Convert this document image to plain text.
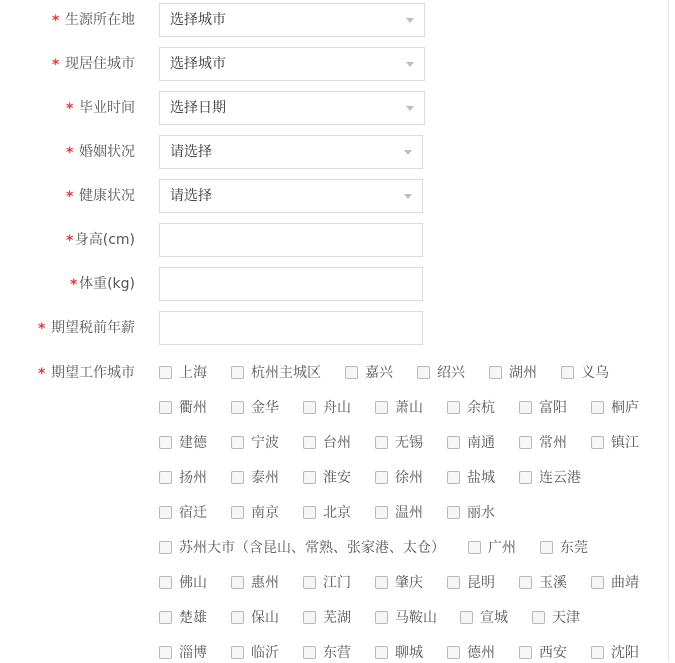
* 生源所在地	选择城市
* 现居住城市	选择城市
* 毕业时间	选择日期
* 婚姻状况	请选择
* 健康状况	请选择
* 身高(cm)
* 体重(kg)
* 期望税前年薪
* 期望工作城市	上海	杭州主城区	嘉兴	绍兴	湖州	义乌
衢州	金华	舟山	萧山	余杭	富阳	桐庐
建德	宁波	台州	无锡	南通	常州	镇江
扬州	泰州	淮安	徐州	盐城	连云港
宿迁	南京	北京	温州	丽水
苏州大市（含昆山、常熟、张家港、太仓）	广州	东莞
佛山	惠州	江门	肇庆	昆明	玉溪	曲靖
楚雄	保山	芜湖	马鞍山	宣城	天津
淄博	临沂	东营	聊城	德州	西安	沈阳
